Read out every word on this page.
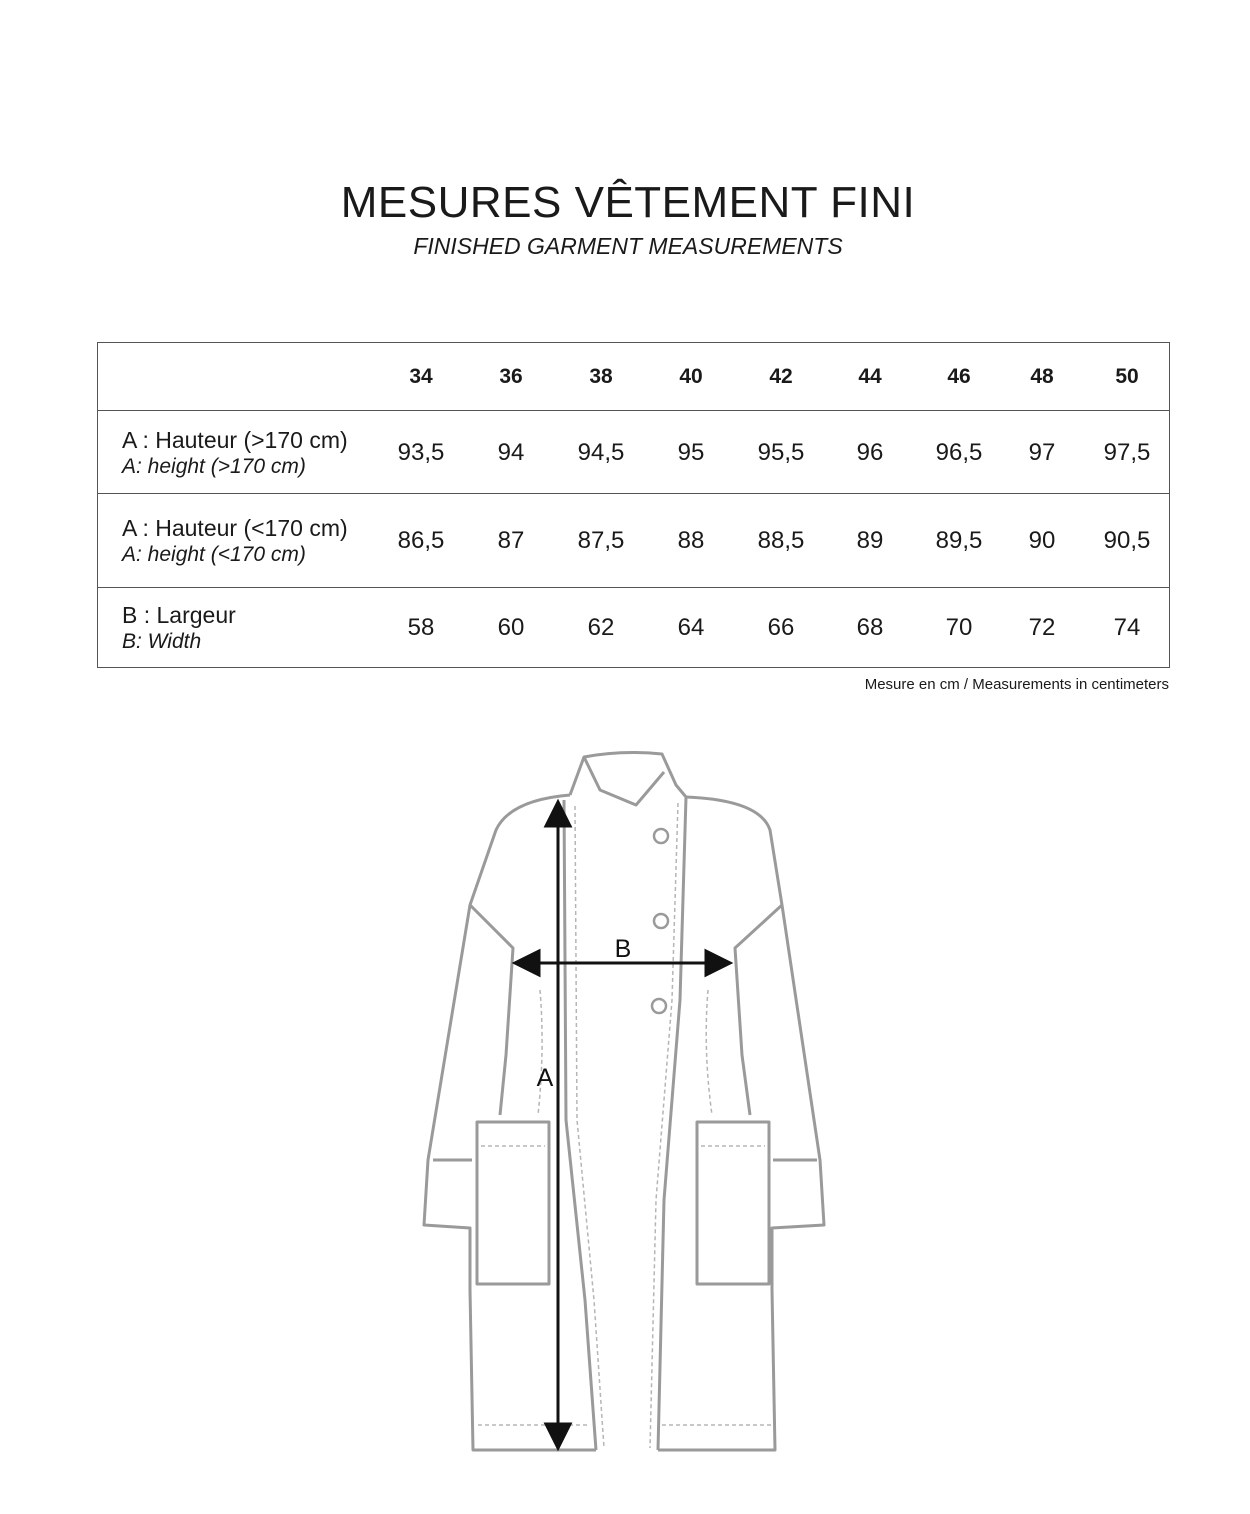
MESURES VÊTEMENT FINI

FINISHED GARMENT MEASUREMENTS

34	36	38	40	42	44	46	48	50
A : Hauteur (>170 cm)
A: height (>170 cm)
93,5	94	94,5	95	95,5	96	96,5	97	97,5
A : Hauteur (<170 cm)
A: height (<170 cm)
86,5	87	87,5	88	88,5	89	89,5	90	90,5
B : Largeur
B: Width
58	60	62	64	66	68	70	72	74
Mesure en cm / Measurements in centimeters
A
B
